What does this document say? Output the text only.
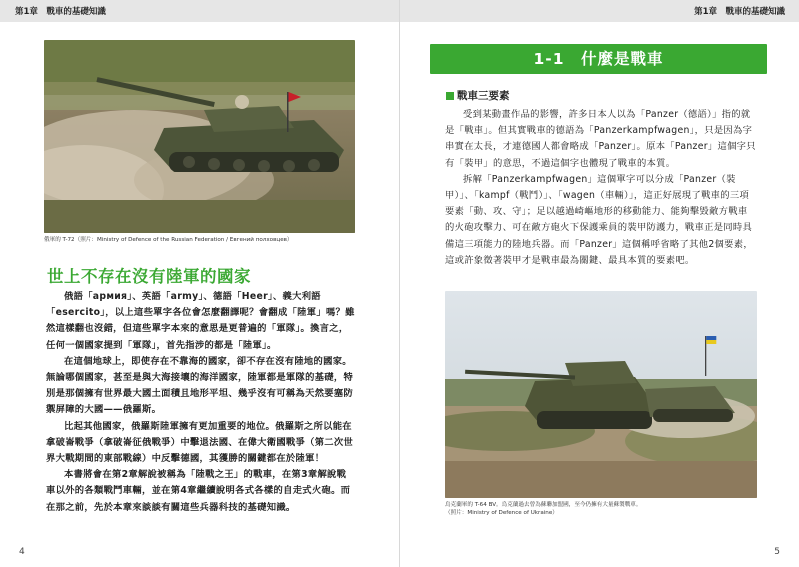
第1章　戰車的基礎知識
俄軍的 T-72（照片：Ministry of Defence of the Russian Federation / Евгений полховцев）
世上不存在沒有陸軍的國家

俄語「армия」、英語「army」、德語「Heer」、義大利語「esercito」，以上這些單字各位會怎麼翻譯呢？會翻成「陸軍」嗎？雖然這樣翻也沒錯，但這些單字本來的意思是更普遍的「軍隊」。換言之，任何一個國家提到「軍隊」，首先指涉的都是「陸軍」。

在這個地球上，即使存在不靠海的國家，卻不存在沒有陸地的國家。無論哪個國家，甚至是與大海接壤的海洋國家，陸軍都是軍隊的基礎，特別是那個擁有世界最大國土面積且地形平坦、幾乎沒有可稱為天然要塞防禦屏障的大國——俄羅斯。

比起其他國家，俄羅斯陸軍擁有更加重要的地位。俄羅斯之所以能在拿破崙戰爭（拿破崙征俄戰爭）中擊退法國、在偉大衛國戰爭（第二次世界大戰期間的東部戰線）中反擊德國，其獲勝的關鍵都在於陸軍！

本書將會在第2章解說被稱為「陸戰之王」的戰車，在第3章解說戰車以外的各類戰鬥車輛，並在第4章繼續說明各式各樣的自走式火砲。而在那之前，先於本章來談談有關這些兵器科技的基礎知識。

4
第1章　戰車的基礎知識
1-1　什麼是戰車
戰車三要素

受到某動畫作品的影響，許多日本人以為「Panzer（德語）」指的就是「戰車」。但其實戰車的德語為「Panzerkampfwagen」，只是因為字串實在太長，才連德國人都會略成「Panzer」。原本「Panzer」這個字只有「裝甲」的意思，不過這個字也體現了戰車的本質。

拆解「Panzerkampfwagen」這個單字可以分成「Panzer（裝甲）」、「kampf（戰鬥）」、「wagen（車輛）」，這正好展現了戰車的三項要素「動、攻、守」；足以越過崎嶇地形的移動能力、能夠擊毀敵方戰車的火砲攻擊力、可在敵方砲火下保護乘員的裝甲防護力，戰車正是同時具備這三項能力的陸地兵器。而「Panzer」這個稱呼省略了其他2個要素，這或許象徵著裝甲才是戰車最為關鍵、最具本質的要素吧。

烏克蘭軍的 T-64 BV。烏克蘭過去曾為蘇聯加盟國，至今仍擁有大量蘇製戰車。
（照片：Ministry of Defence of Ukraine）
5
